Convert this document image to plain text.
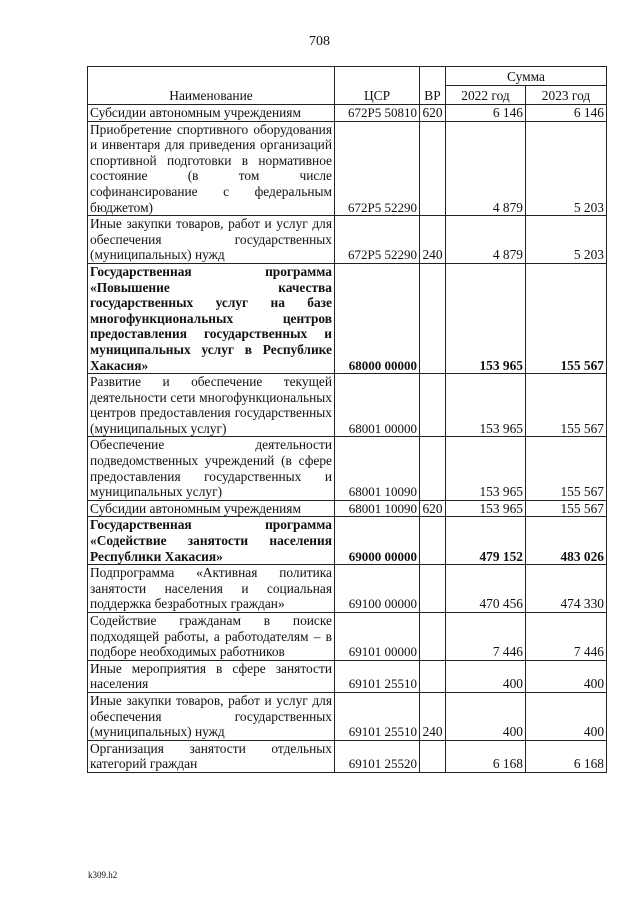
708
Наименование	ЦСР	ВР	Сумма	
			2022 год	2023 год
Субсидии автономным учреждениям	672Р5 50810	620	6 146	6 146
Приобретение спортивного оборудования и инвентаря для приведения организаций спортивной подготовки в нормативное состояние (в том числе софинансирование с федеральным бюджетом)	672Р5 52290		4 879	5 203
Иные закупки товаров, работ и услуг для обеспечения государственных (муниципальных) нужд	672Р5 52290	240	4 879	5 203
Государственная программа «Повышение качества государственных услуг на базе многофункциональных центров предоставления государственных и муниципальных услуг в Республике Хакасия»	68000 00000		153 965	155 567
Развитие и обеспечение текущей деятельности сети многофункциональных центров предоставления государственных (муниципальных услуг)	68001 00000		153 965	155 567
Обеспечение деятельности подведомственных учреждений (в сфере предоставления государственных и муниципальных услуг)	68001 10090		153 965	155 567
Субсидии автономным учреждениям	68001 10090	620	153 965	155 567
Государственная программа «Содействие занятости населения Республики Хакасия»	69000 00000		479 152	483 026
Подпрограмма «Активная политика занятости населения и социальная поддержка безработных граждан»	69100 00000		470 456	474 330
Содействие гражданам в поиске подходящей работы, а работодателям – в подборе необходимых работников	69101 00000		7 446	7 446
Иные мероприятия в сфере занятости населения	69101 25510		400	400
Иные закупки товаров, работ и услуг для обеспечения государственных (муниципальных) нужд	69101 25510	240	400	400
Организация занятости отдельных категорий граждан	69101 25520		6 168	6 168
k309.h2
